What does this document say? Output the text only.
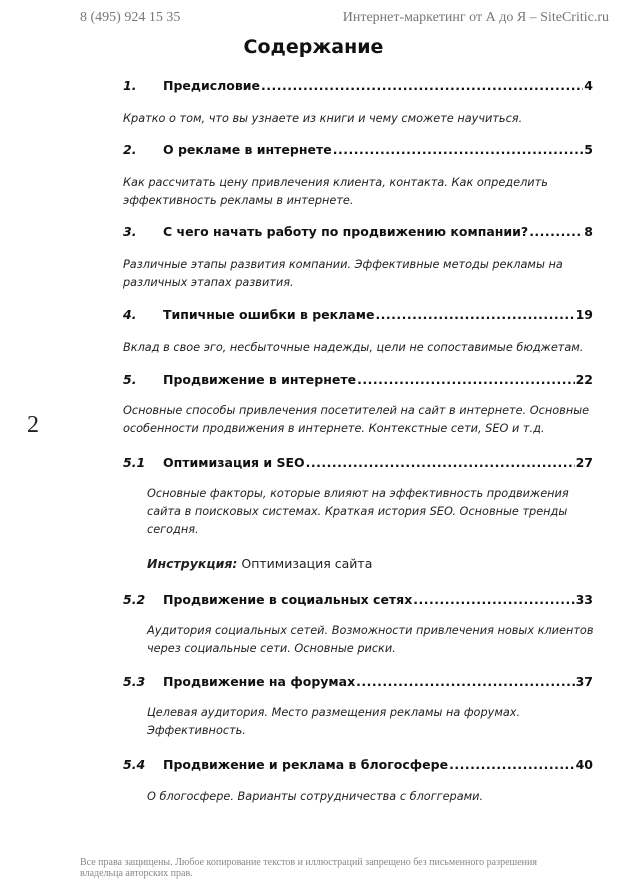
8 (495) 924 15 35	Интернет-маркетинг от А до Я – SiteCritic.ru
Содержание
2
1.	Предисловие .....	4
Кратко о том, что вы узнаете из книги и чему сможете научиться.
2.	О рекламе в интернете .....	5
Как рассчитать цену привлечения клиента, контакта. Как определить эффективность рекламы в интернете.
3.	С чего начать работу по продвижению компании? .....	8
Различные этапы развития компании. Эффективные методы рекламы на различных этапах развития.
4.	Типичные ошибки в рекламе .....	19
Вклад в свое эго, несбыточные надежды, цели не сопоставимые бюджетам.
5.	Продвижение в интернете .....	22
Основные способы привлечения посетителей на сайт в интернете. Основные особенности продвижения в интернете. Контекстные сети, SEO и т.д.
5.1	Оптимизация и SEO .....	27
Основные факторы, которые влияют на эффективность продвижения сайта в поисковых системах. Краткая история SEO. Основные тренды сегодня.
Инструкция: Оптимизация сайта
5.2	Продвижение в социальных сетях .....	33
Аудитория социальных сетей. Возможности привлечения новых клиентов через социальные сети. Основные риски.
5.3	Продвижение на форумах .....	37
Целевая аудитория. Место размещения рекламы на форумах. Эффективность.
5.4	Продвижение и реклама в блогосфере .....	40
О блогосфере. Варианты сотрудничества с блоггерами.
Все права защищены. Любое копирование текстов и иллюстраций запрещено без письменного разрешения владельца авторских прав.
